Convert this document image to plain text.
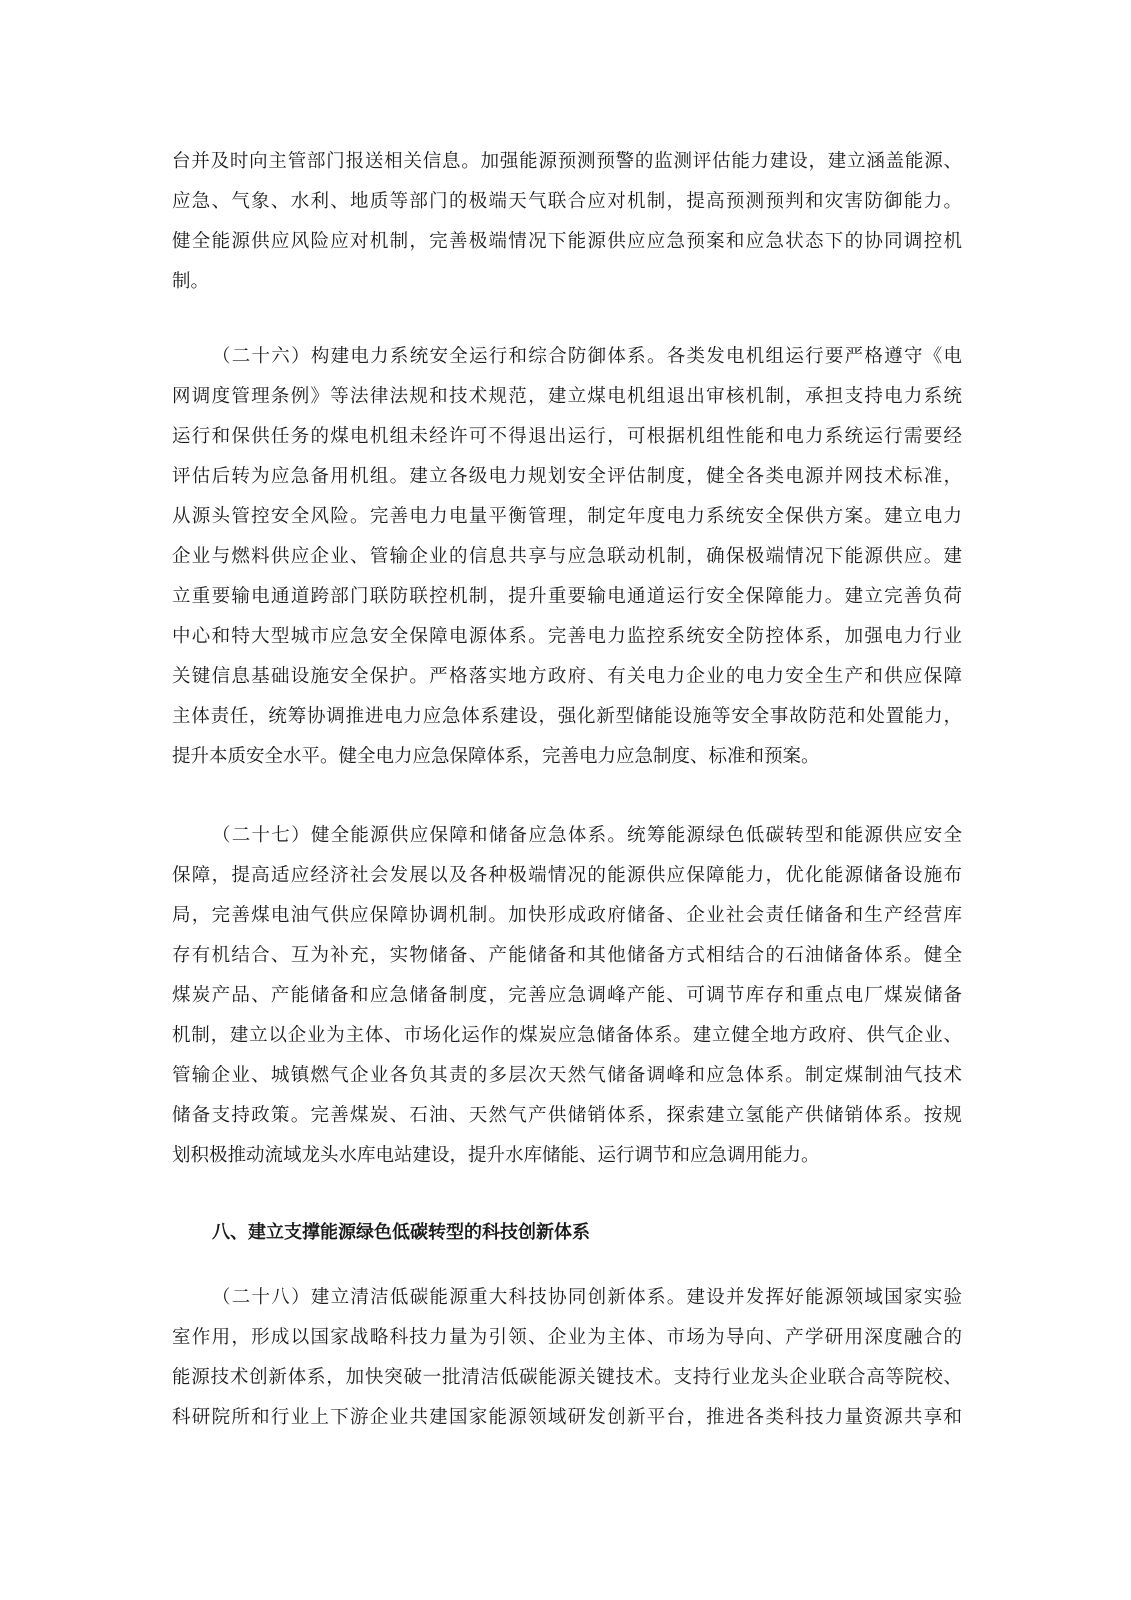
台并及时向主管部门报送相关信息。加强能源预测预警的监测评估能力建设，建立涵盖能源、
应急、气象、水利、地质等部门的极端天气联合应对机制，提高预测预判和灾害防御能力。
健全能源供应风险应对机制，完善极端情况下能源供应应急预案和应急状态下的协同调控机
制。
（二十六）构建电力系统安全运行和综合防御体系。各类发电机组运行要严格遵守《电
网调度管理条例》等法律法规和技术规范，建立煤电机组退出审核机制，承担支持电力系统
运行和保供任务的煤电机组未经许可不得退出运行，可根据机组性能和电力系统运行需要经
评估后转为应急备用机组。建立各级电力规划安全评估制度，健全各类电源并网技术标准，
从源头管控安全风险。完善电力电量平衡管理，制定年度电力系统安全保供方案。建立电力
企业与燃料供应企业、管输企业的信息共享与应急联动机制，确保极端情况下能源供应。建
立重要输电通道跨部门联防联控机制，提升重要输电通道运行安全保障能力。建立完善负荷
中心和特大型城市应急安全保障电源体系。完善电力监控系统安全防控体系，加强电力行业
关键信息基础设施安全保护。严格落实地方政府、有关电力企业的电力安全生产和供应保障
主体责任，统筹协调推进电力应急体系建设，强化新型储能设施等安全事故防范和处置能力，
提升本质安全水平。健全电力应急保障体系，完善电力应急制度、标准和预案。
（二十七）健全能源供应保障和储备应急体系。统筹能源绿色低碳转型和能源供应安全
保障，提高适应经济社会发展以及各种极端情况的能源供应保障能力，优化能源储备设施布
局，完善煤电油气供应保障协调机制。加快形成政府储备、企业社会责任储备和生产经营库
存有机结合、互为补充，实物储备、产能储备和其他储备方式相结合的石油储备体系。健全
煤炭产品、产能储备和应急储备制度，完善应急调峰产能、可调节库存和重点电厂煤炭储备
机制，建立以企业为主体、市场化运作的煤炭应急储备体系。建立健全地方政府、供气企业、
管输企业、城镇燃气企业各负其责的多层次天然气储备调峰和应急体系。制定煤制油气技术
储备支持政策。完善煤炭、石油、天然气产供储销体系，探索建立氢能产供储销体系。按规
划积极推动流域龙头水库电站建设，提升水库储能、运行调节和应急调用能力。
八、建立支撑能源绿色低碳转型的科技创新体系
（二十八）建立清洁低碳能源重大科技协同创新体系。建设并发挥好能源领域国家实验
室作用，形成以国家战略科技力量为引领、企业为主体、市场为导向、产学研用深度融合的
能源技术创新体系，加快突破一批清洁低碳能源关键技术。支持行业龙头企业联合高等院校、
科研院所和行业上下游企业共建国家能源领域研发创新平台，推进各类科技力量资源共享和
